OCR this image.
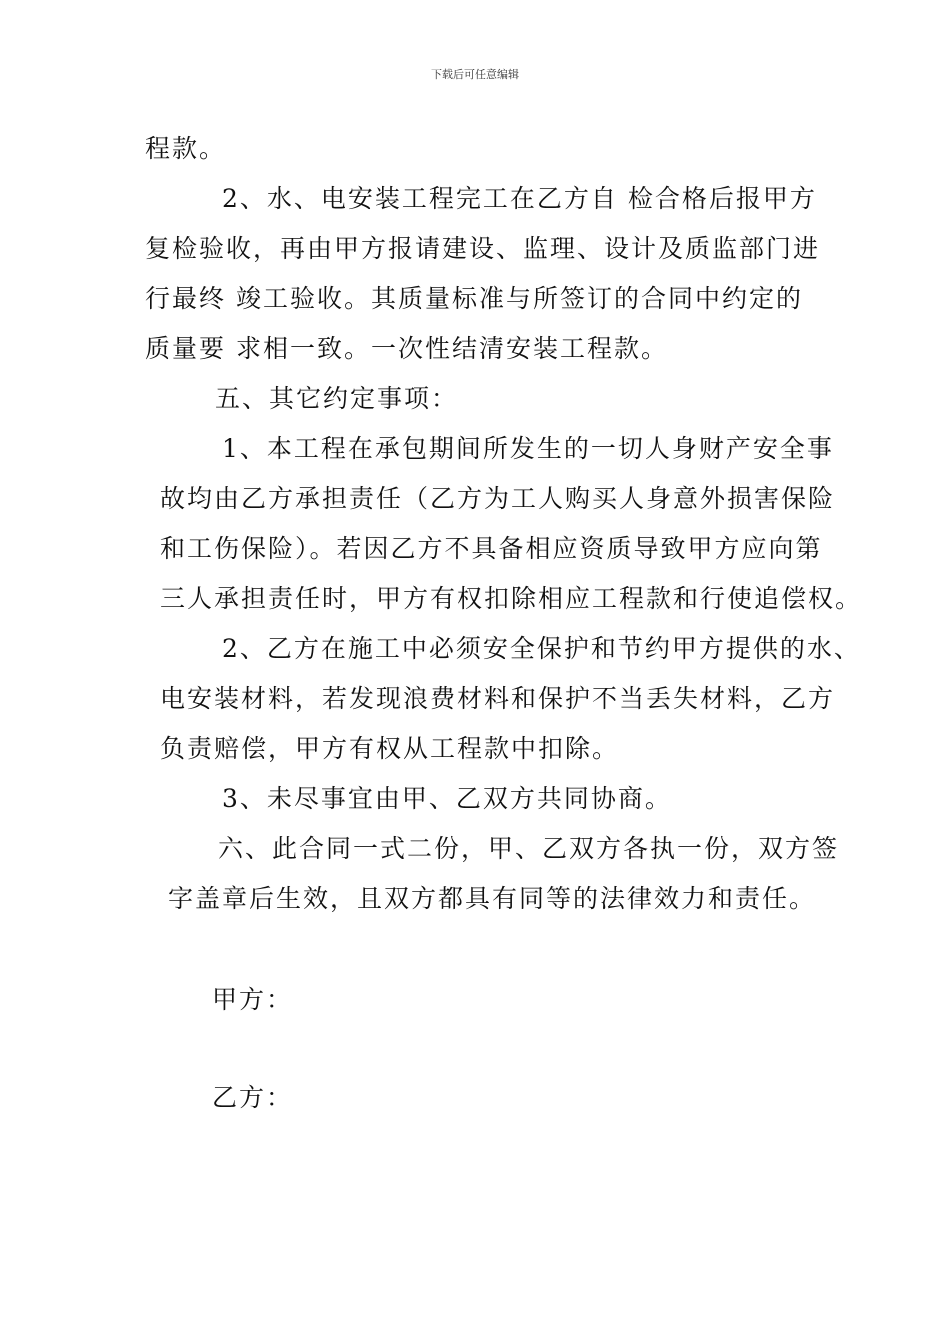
下载后可任意编辑
程款。
2、水、电安装工程完工在乙方自 检合格后报甲方
复检验收，再由甲方报请建设、监理、设计及质监部门进
行最终 竣工验收。其质量标准与所签订的合同中约定的
质量要 求相一致。一次性结清安装工程款。
五、其它约定事项：
1、本工程在承包期间所发生的一切人身财产安全事
故均由乙方承担责任（乙方为工人购买人身意外损害保险
和工伤保险）。若因乙方不具备相应资质导致甲方应向第
三人承担责任时，甲方有权扣除相应工程款和行使追偿权。
2、乙方在施工中必须安全保护和节约甲方提供的水、
电安装材料，若发现浪费材料和保护不当丢失材料，乙方
负责赔偿，甲方有权从工程款中扣除。
3、未尽事宜由甲、乙双方共同协商。
六、此合同一式二份，甲、乙双方各执一份，双方签
字盖章后生效，且双方都具有同等的法律效力和责任。
甲方：
乙方：
